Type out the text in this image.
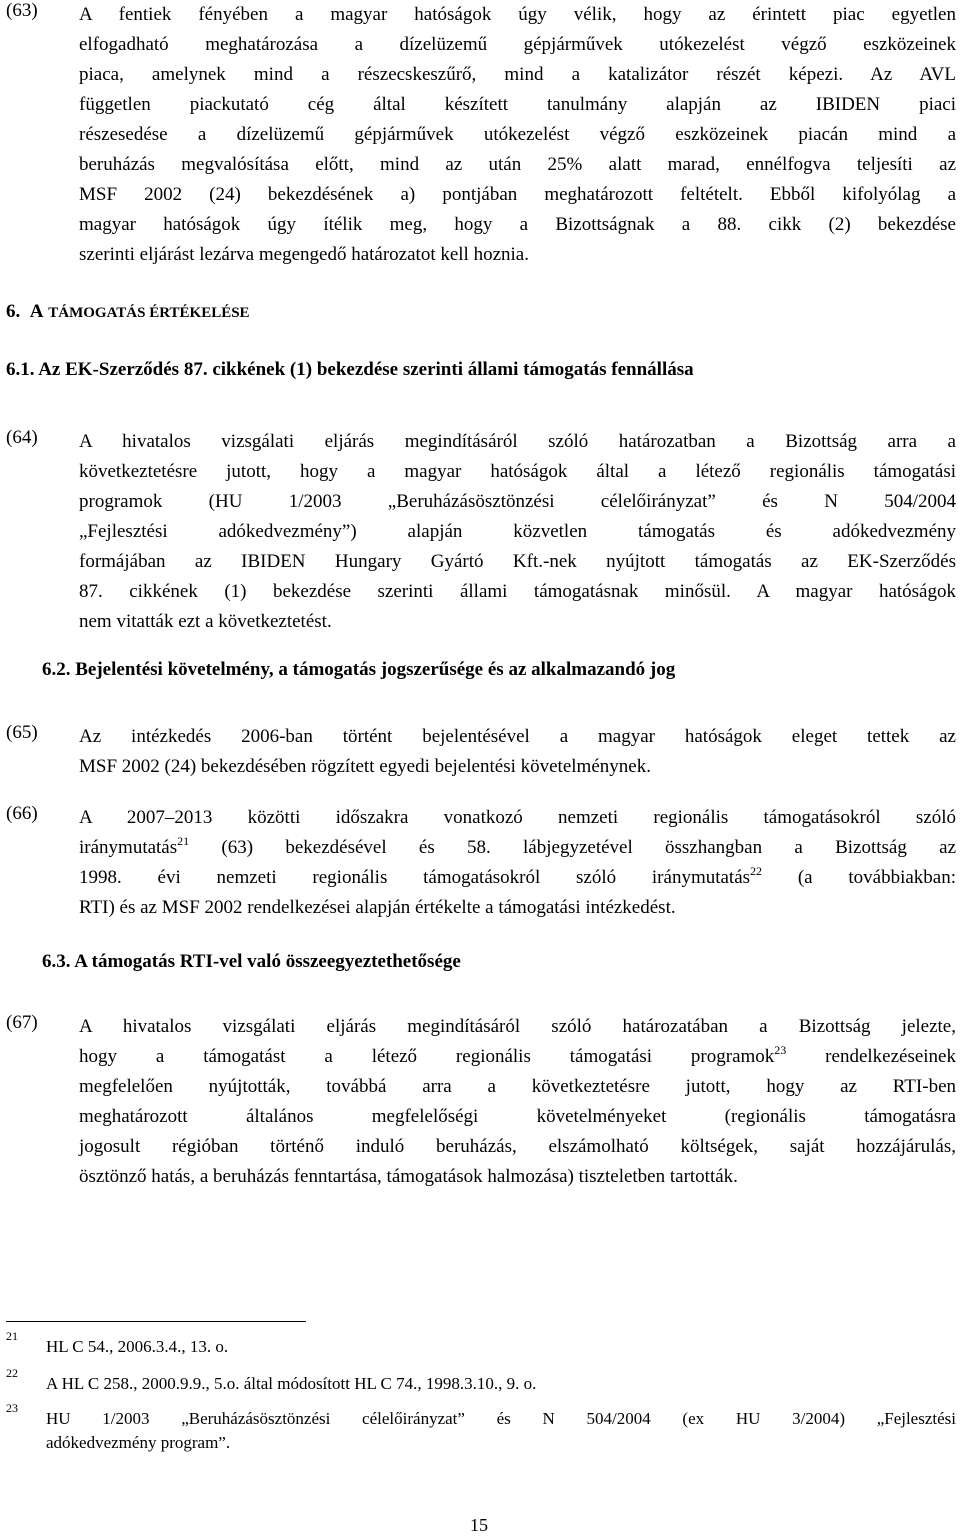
(63) A fentiek fényében a magyar hatóságok úgy vélik, hogy az érintett piac egyetlen
elfogadható meghatározása a dízelüzemű gépjárművek utókezelést végző eszközeinek
piaca, amelynek mind a részecskeszűrő, mind a katalizátor részét képezi. Az AVL
független piackutató cég által készített tanulmány alapján az IBIDEN piaci
részesedése a dízelüzemű gépjárművek utókezelést végző eszközeinek piacán mind a
beruházás megvalósítása előtt, mind az után 25% alatt marad, ennélfogva teljesíti az
MSF 2002 (24) bekezdésének a) pontjában meghatározott feltételt. Ebből kifolyólag a
magyar hatóságok úgy ítélik meg, hogy a Bizottságnak a 88. cikk (2) bekezdése
szerinti eljárást lezárva megengedő határozatot kell hoznia.
6. A TÁMOGATÁS ÉRTÉKELÉSE
6.1. Az EK-Szerződés 87. cikkének (1) bekezdése szerinti állami támogatás fennállása
(64) A hivatalos vizsgálati eljárás megindításáról szóló határozatban a Bizottság arra a
következtetésre jutott, hogy a magyar hatóságok által a létező regionális támogatási
programok (HU 1/2003 „Beruházásösztönzési célelőirányzat” és N 504/2004
„Fejlesztési adókedvezmény”) alapján közvetlen támogatás és adókedvezmény
formájában az IBIDEN Hungary Gyártó Kft.-nek nyújtott támogatás az EK-Szerződés
87. cikkének (1) bekezdése szerinti állami támogatásnak minősül. A magyar hatóságok
nem vitatták ezt a következtetést.
6.2. Bejelentési követelmény, a támogatás jogszerűsége és az alkalmazandó jog
(65) Az intézkedés 2006-ban történt bejelentésével a magyar hatóságok eleget tettek az
MSF 2002 (24) bekezdésében rögzített egyedi bejelentési követelménynek.
(66) A 2007–2013 közötti időszakra vonatkozó nemzeti regionális támogatásokról szóló
iránymutatás$^{21}$ (63) bekezdésével és 58. lábjegyzetével összhangban a Bizottság az
1998. évi nemzeti regionális támogatásokról szóló iránymutatás$^{22}$ (a továbbiakban:
RTI) és az MSF 2002 rendelkezései alapján értékelte a támogatási intézkedést.
6.3. A támogatás RTI-vel való összeegyeztethetősége
(67) A hivatalos vizsgálati eljárás megindításáról szóló határozatában a Bizottság jelezte,
hogy a támogatást a létező regionális támogatási programok$^{23}$ rendelkezéseinek
megfelelően nyújtották, továbbá arra a következtetésre jutott, hogy az RTI-ben
meghatározott általános megfelelőségi követelményeket (regionális támogatásra
jogosult régióban történő induló beruházás, elszámolható költségek, saját hozzájárulás,
ösztönző hatás, a beruházás fenntartása, támogatások halmozása) tiszteletben tartották.
21
HL C 54., 2006.3.4., 13. o.
22
A HL C 258., 2000.9.9., 5.o. által módosított HL C 74., 1998.3.10., 9. o.
23
HU 1/2003 „Beruházásösztönzési célelőirányzat” és N 504/2004 (ex HU 3/2004) „Fejlesztési
adókedvezmény program”.
15
